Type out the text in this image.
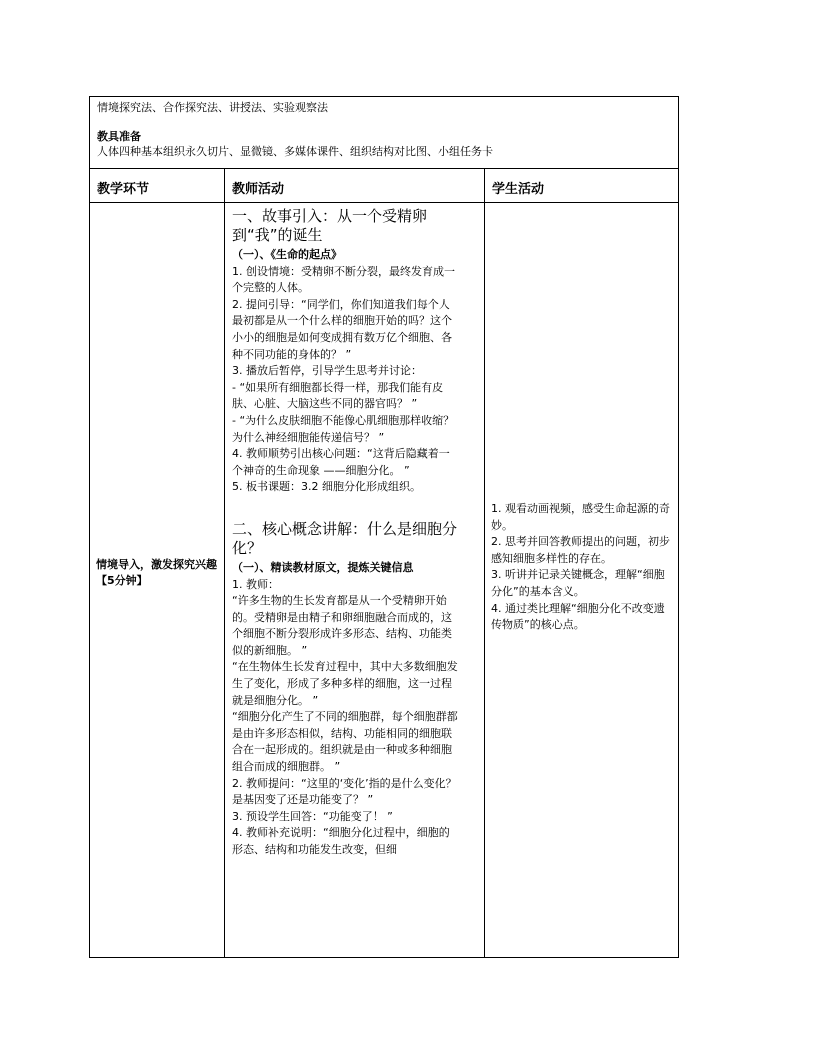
情境探究法、合作探究法、讲授法、实验观察法
教具准备
人体四种基本组织永久切片、显微镜、多媒体课件、组织结构对比图、小组任务卡
教学环节	教师活动	学生活动
情境导入，激发探究兴趣【5分钟】
一、故事引入：从一个受精卵到“我”的诞生
（一）、《生命的起点》

1. 创设情境：受精卵不断分裂，最终发育成一个完整的人体。

2. 提问引导：“同学们，你们知道我们每个人最初都是从一个什么样的细胞开始的吗？这个小小的细胞是如何变成拥有数万亿个细胞、各种不同功能的身体的？ ”

3. 播放后暂停，引导学生思考并讨论：

- “如果所有细胞都长得一样，那我们能有皮肤、心脏、大脑这些不同的器官吗？ ”

- “为什么皮肤细胞不能像心肌细胞那样收缩？为什么神经细胞能传递信号？ ”

4. 教师顺势引出核心问题：“这背后隐藏着一个神奇的生命现象 ——细胞分化。 ”

5. 板书课题：3.2 细胞分化形成组织。

二、核心概念讲解：什么是细胞分化？
（一）、精读教材原文，提炼关键信息

1. 教师：

“许多生物的生长发育都是从一个受精卵开始的。受精卵是由精子和卵细胞融合而成的，这个细胞不断分裂形成许多形态、结构、功能类似的新细胞。 ”

“在生物体生长发育过程中，其中大多数细胞发生了变化，形成了多种多样的细胞，这一过程就是细胞分化。 ”

“细胞分化产生了不同的细胞群，每个细胞群都是由许多形态相似，结构、功能相同的细胞联合在一起形成的。组织就是由一种或多种细胞组合而成的细胞群。 ”

2. 教师提问：“这里的‘变化’指的是什么变化？是基因变了还是功能变了？ ”

3. 预设学生回答：“功能变了！ ”

4. 教师补充说明：“细胞分化过程中，细胞的形态、结构和功能发生改变，但细

1. 观看动画视频，感受生命起源的奇妙。

2. 思考并回答教师提出的问题，初步感知细胞多样性的存在。

3. 听讲并记录关键概念，理解“细胞分化”的基本含义。

4. 通过类比理解“细胞分化不改变遗传物质”的核心点。
